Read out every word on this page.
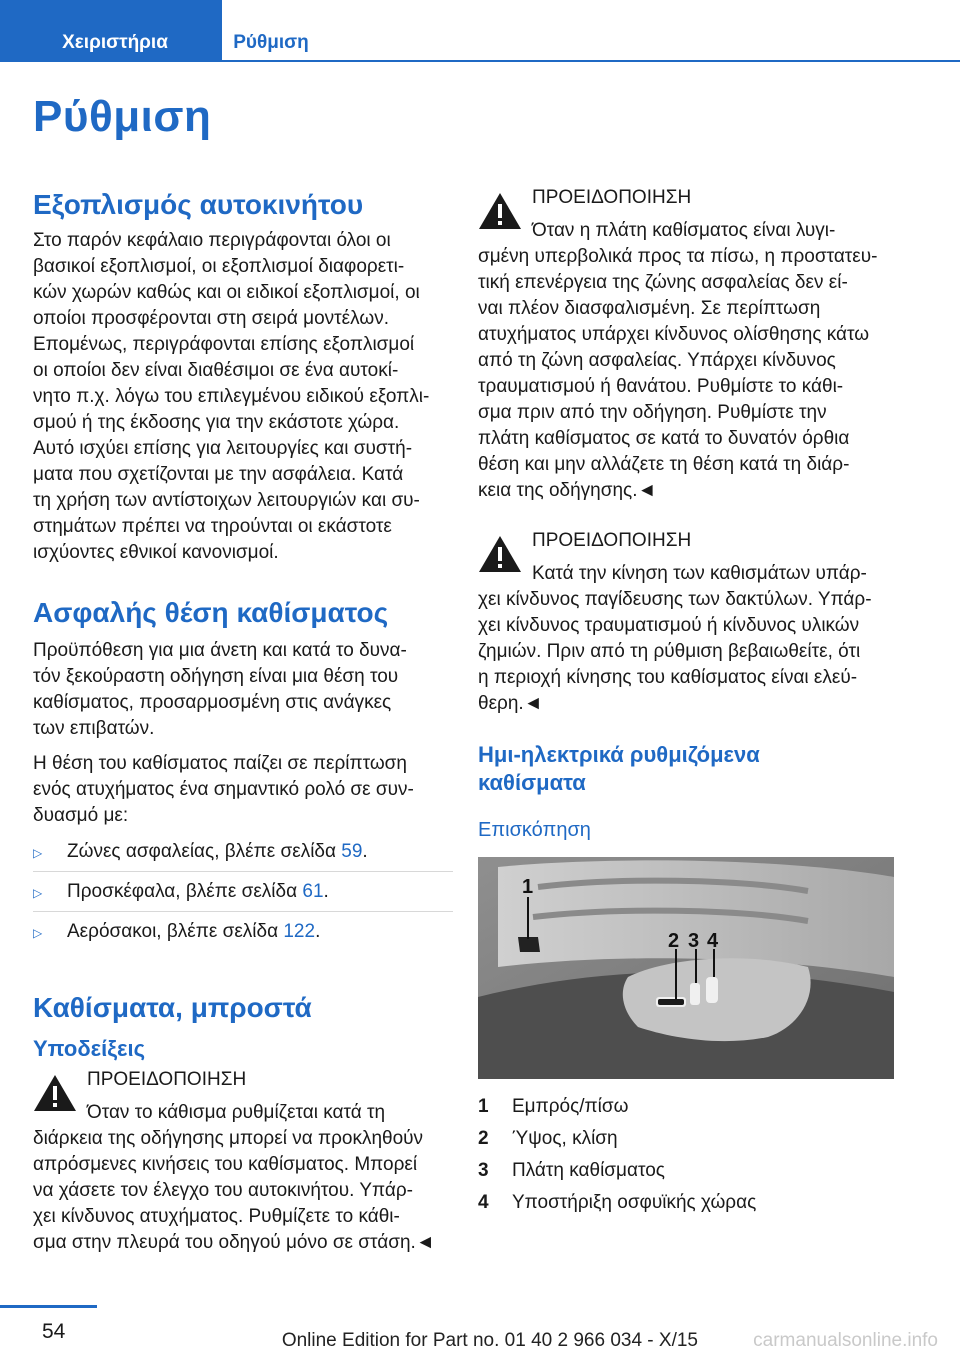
Χειριστήρια	Ρύθμιση
Ρύθμιση
Εξοπλισμός αυτοκινήτου

Στο παρόν κεφάλαιο περιγράφονται όλοι οι
βασικοί εξοπλισμοί, οι εξοπλισμοί διαφορετι‐
κών χωρών καθώς και οι ειδικοί εξοπλισμοί, οι
οποίοι προσφέρονται στη σειρά μοντέλων.
Επομένως, περιγράφονται επίσης εξοπλισμοί
οι οποίοι δεν είναι διαθέσιμοι σε ένα αυτοκί‐
νητο π.χ. λόγω του επιλεγμένου ειδικού εξοπλι‐
σμού ή της έκδοσης για την εκάστοτε χώρα.
Αυτό ισχύει επίσης για λειτουργίες και συστή‐
ματα που σχετίζονται με την ασφάλεια. Κατά
τη χρήση των αντίστοιχων λειτουργιών και συ‐
στημάτων πρέπει να τηρούνται οι εκάστοτε
ισχύοντες εθνικοί κανονισμοί.

Ασφαλής θέση καθίσματος

Προϋπόθεση για μια άνετη και κατά το δυνα‐
τόν ξεκούραστη οδήγηση είναι μια θέση του
καθίσματος, προσαρμοσμένη στις ανάγκες
των επιβατών.

Η θέση του καθίσματος παίζει σε περίπτωση
ενός ατυχήματος ένα σημαντικό ρολό σε συν‐
δυασμό με:

▷	Ζώνες ασφαλείας, βλέπε σελίδα 59.
▷	Προσκέφαλα, βλέπε σελίδα 61.
▷	Αερόσακοι, βλέπε σελίδα 122.
Καθίσματα, μπροστά
Υποδείξεις
ΠΡΟΕΙΔΟΠΟΙΗΣΗ
Όταν το κάθισμα ρυθμίζεται κατά τη
διάρκεια της οδήγησης μπορεί να προκληθούν
απρόσμενες κινήσεις του καθίσματος. Μπορεί
να χάσετε τον έλεγχο του αυτοκινήτου. Υπάρ‐
χει κίνδυνος ατυχήματος. Ρυθμίζετε το κάθι‐
σμα στην πλευρά του οδηγού μόνο σε στάση.◄
ΠΡΟΕΙΔΟΠΟΙΗΣΗ
Όταν η πλάτη καθίσματος είναι λυγι‐
σμένη υπερβολικά προς τα πίσω, η προστατευ‐
τική επενέργεια της ζώνης ασφαλείας δεν εί‐
ναι πλέον διασφαλισμένη. Σε περίπτωση
ατυχήματος υπάρχει κίνδυνος ολίσθησης κάτω
από τη ζώνη ασφαλείας. Υπάρχει κίνδυνος
τραυματισμού ή θανάτου. Ρυθμίστε το κάθι‐
σμα πριν από την οδήγηση. Ρυθμίστε την
πλάτη καθίσματος σε κατά το δυνατόν όρθια
θέση και μην αλλάζετε τη θέση κατά τη διάρ‐
κεια της οδήγησης.◄
ΠΡΟΕΙΔΟΠΟΙΗΣΗ
Κατά την κίνηση των καθισμάτων υπάρ‐
χει κίνδυνος παγίδευσης των δακτύλων. Υπάρ‐
χει κίνδυνος τραυματισμού ή κίνδυνος υλικών
ζημιών. Πριν από τη ρύθμιση βεβαιωθείτε, ότι
η περιοχή κίνησης του καθίσματος είναι ελεύ‐
θερη.◄
Ημι-ηλεκτρικά ρυθμιζόμενα
καθίσματα
Επισκόπηση
1
2 3 4
1	Εμπρός/πίσω
2	Ύψος, κλίση
3	Πλάτη καθίσματος
4	Υποστήριξη οσφυϊκής χώρας
54	Online Edition for Part no. 01 40 2 966 034 - X/15	carmanualsonline.info
